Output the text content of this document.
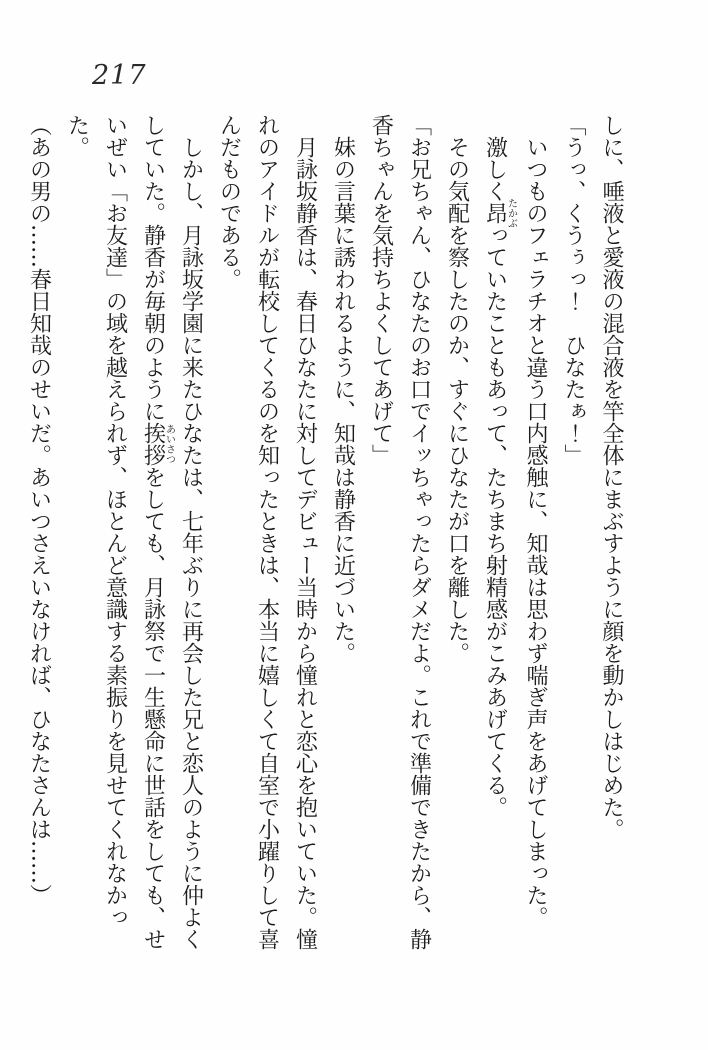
217

しに、唾液と愛液の混合液を竿全体にまぶすように顔を動かしはじめた。

「うっ、くうぅっ！　ひなたぁ！」

いつものフェラチオと違う口内感触に、知哉は思わず喘ぎ声をあげてしまった。

激しく昂たかぶっていたこともあって、たちまち射精感がこみあげてくる。

その気配を察したのか、すぐにひなたが口を離した。

「お兄ちゃん、ひなたのお口でイッちゃったらダメだよ。これで準備できたから、静香ちゃんを気持ちよくしてあげて」

妹の言葉に誘われるように、知哉は静香に近づいた。

月詠坂静香は、春日ひなたに対してデビュー当時から憧れと恋心を抱いていた。憧れのアイドルが転校してくるのを知ったときは、本当に嬉しくて自室で小躍りして喜んだものである。

しかし、月詠坂学園に来たひなたは、七年ぶりに再会した兄と恋人のように仲よくしていた。静香が毎朝のように挨拶あいさつをしても、月詠祭で一生懸命に世話をしても、せいぜい「お友達」の域を越えられず、ほとんど意識する素振りを見せてくれなかった。

（あの男の……春日知哉のせいだ。あいつさえいなければ、ひなたさんは……）
